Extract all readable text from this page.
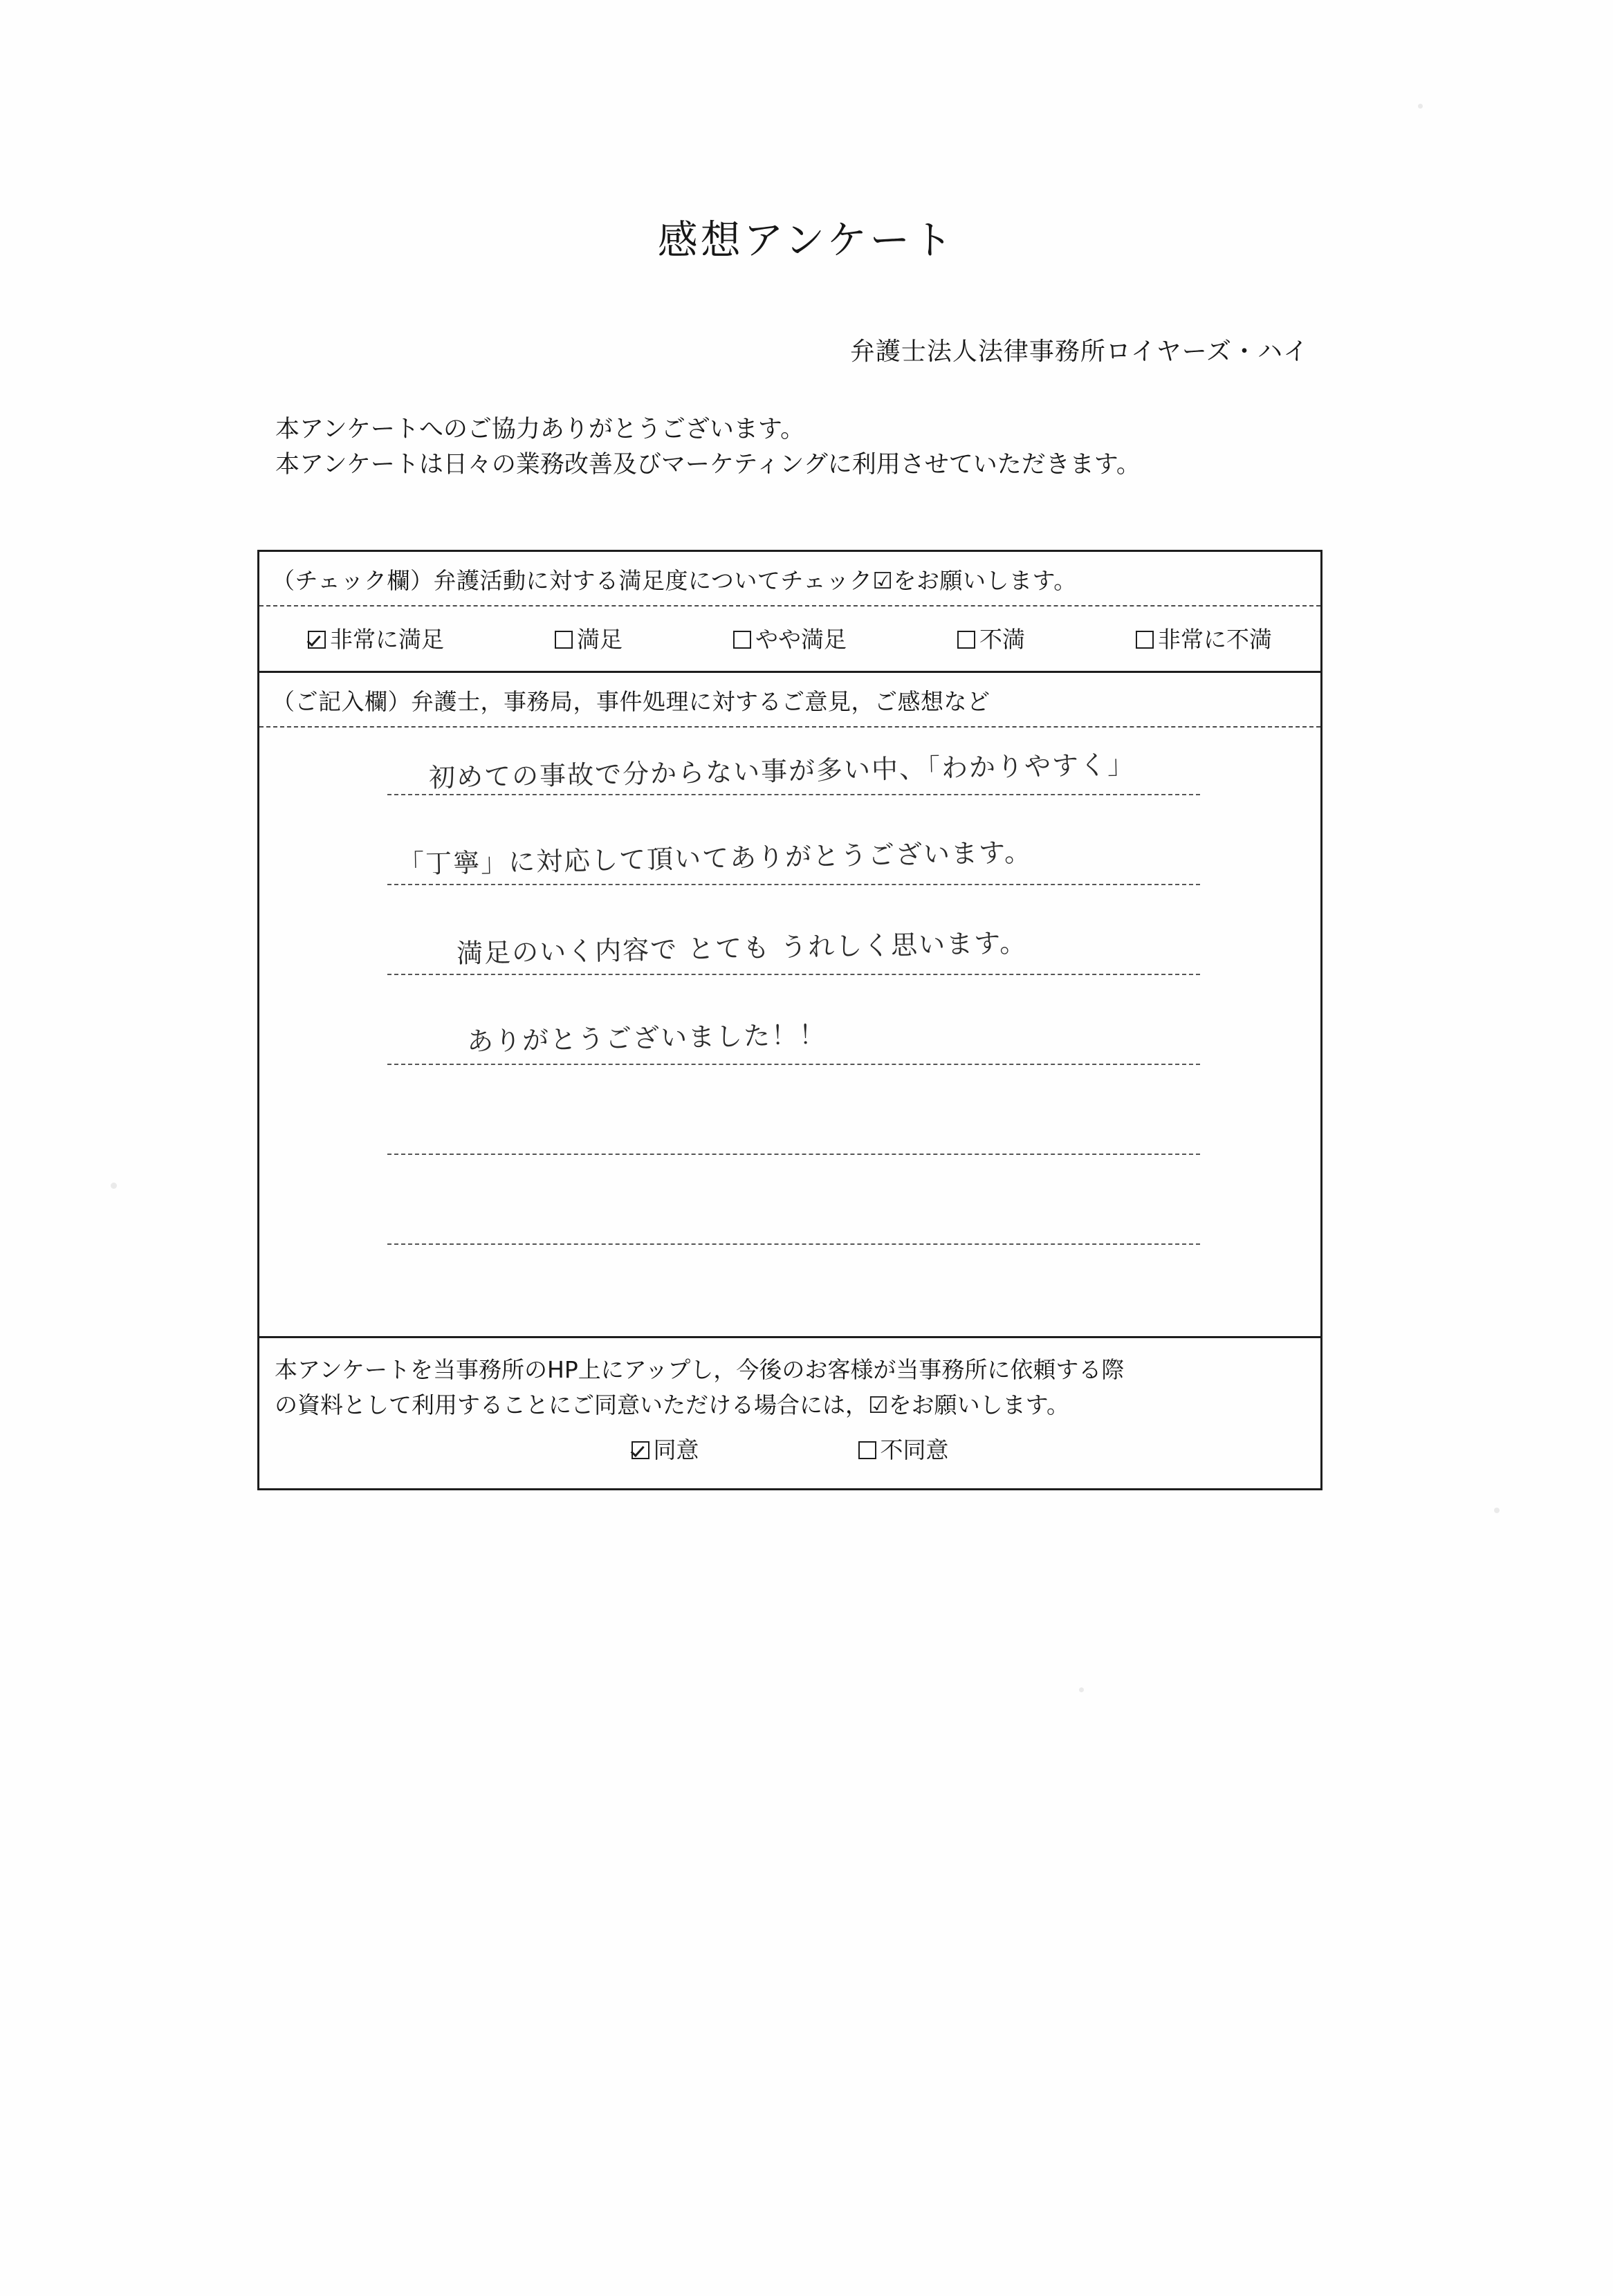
感想アンケート
弁護士法人法律事務所ロイヤーズ・ハイ
本アンケートへのご協力ありがとうございます。
本アンケートは日々の業務改善及びマーケティングに利用させていただきます。
（チェック欄）弁護活動に対する満足度についてチェック☑をお願いします。
非常に満足	満足	やや満足	不満	非常に不満
（ご記入欄）弁護士，事務局，事件処理に対するご意見，ご感想など
初めての事故で分からない事が多い中、「わかりやすく」
「丁寧」に対応して頂いてありがとうございます。
満足のいく内容で とても うれしく思います。
ありがとうございました！！
本アンケートを当事務所のHP上にアップし，今後のお客様が当事務所に依頼する際
の資料として利用することにご同意いただける場合には，☑をお願いします。
同意	不同意
